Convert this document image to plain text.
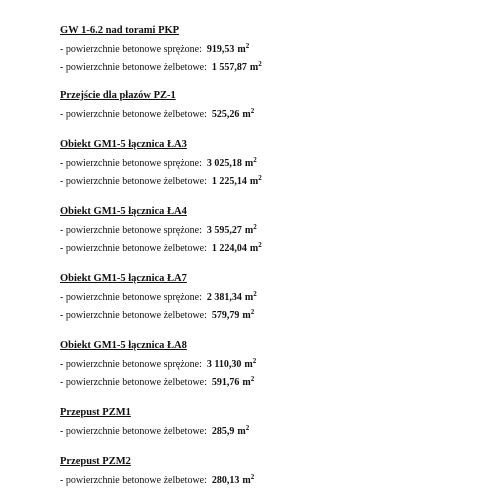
GW 1-6.2 nad torami PKP
- powierzchnie betonowe sprężone: 919,53 $m^2$
- powierzchnie betonowe żelbetowe: 1 557,87 $m^2$
Przejście dla płazów PZ-1
- powierzchnie betonowe żelbetowe: 525,26 $m^2$
Obiekt GM1-5 łącznica ŁA3
- powierzchnie betonowe sprężone: 3 025,18 $m^2$
- powierzchnie betonowe żelbetowe: 1 225,14 $m^2$
Obiekt GM1-5 łącznica ŁA4
- powierzchnie betonowe sprężone: 3 595,27 $m^2$
- powierzchnie betonowe żelbetowe: 1 224,04 $m^2$
Obiekt GM1-5 łącznica ŁA7
- powierzchnie betonowe sprężone: 2 381,34 $m^2$
- powierzchnie betonowe żelbetowe: 579,79 $m^2$
Obiekt GM1-5 łącznica ŁA8
- powierzchnie betonowe sprężone: 3 110,30 $m^2$
- powierzchnie betonowe żelbetowe: 591,76 $m^2$
Przepust PZM1
- powierzchnie betonowe żelbetowe: 285,9 $m^2$
Przepust PZM2
- powierzchnie betonowe żelbetowe: 280,13 $m^2$
